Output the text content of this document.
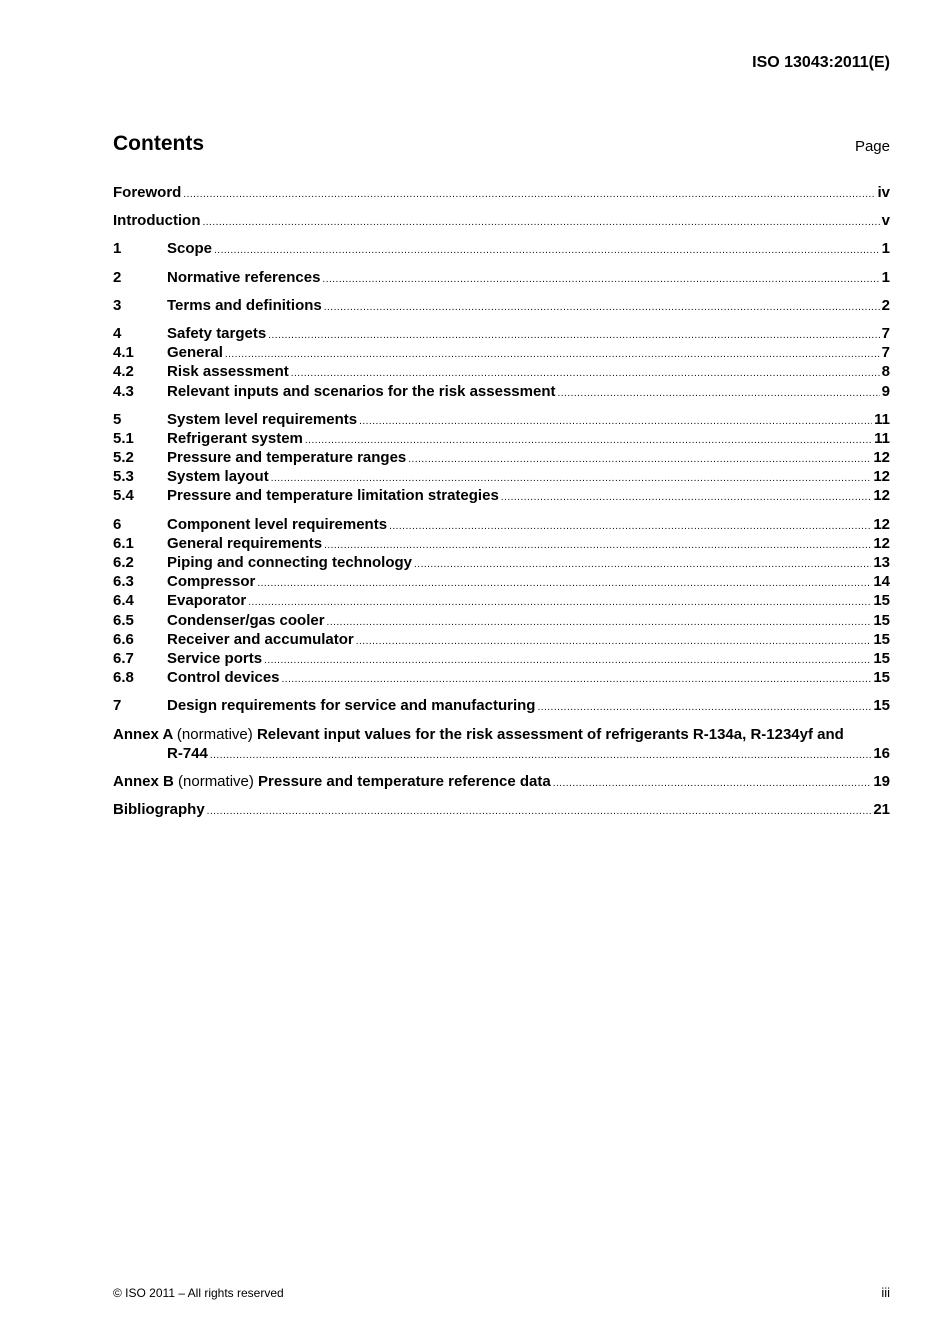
ISO 13043:2011(E)
Contents	Page
Foreword .....	iv
Introduction .....	v
1	Scope .....	1
2	Normative references .....	1
3	Terms and definitions .....	2
4	Safety targets .....	7
4.1	General .....	7
4.2	Risk assessment .....	8
4.3	Relevant inputs and scenarios for the risk assessment .....	9
5	System level requirements .....	11
5.1	Refrigerant system .....	11
5.2	Pressure and temperature ranges .....	12
5.3	System layout .....	12
5.4	Pressure and temperature limitation strategies .....	12
6	Component level requirements .....	12
6.1	General requirements .....	12
6.2	Piping and connecting technology .....	13
6.3	Compressor .....	14
6.4	Evaporator .....	15
6.5	Condenser/gas cooler .....	15
6.6	Receiver and accumulator .....	15
6.7	Service ports .....	15
6.8	Control devices .....	15
7	Design requirements for service and manufacturing .....	15
Annex A (normative) Relevant input values for the risk assessment of refrigerants R-134a, R-1234yf and
R-744 .....	16
Annex B (normative) Pressure and temperature reference data .....	19
Bibliography .....	21
© ISO 2011 – All rights reserved	iii
